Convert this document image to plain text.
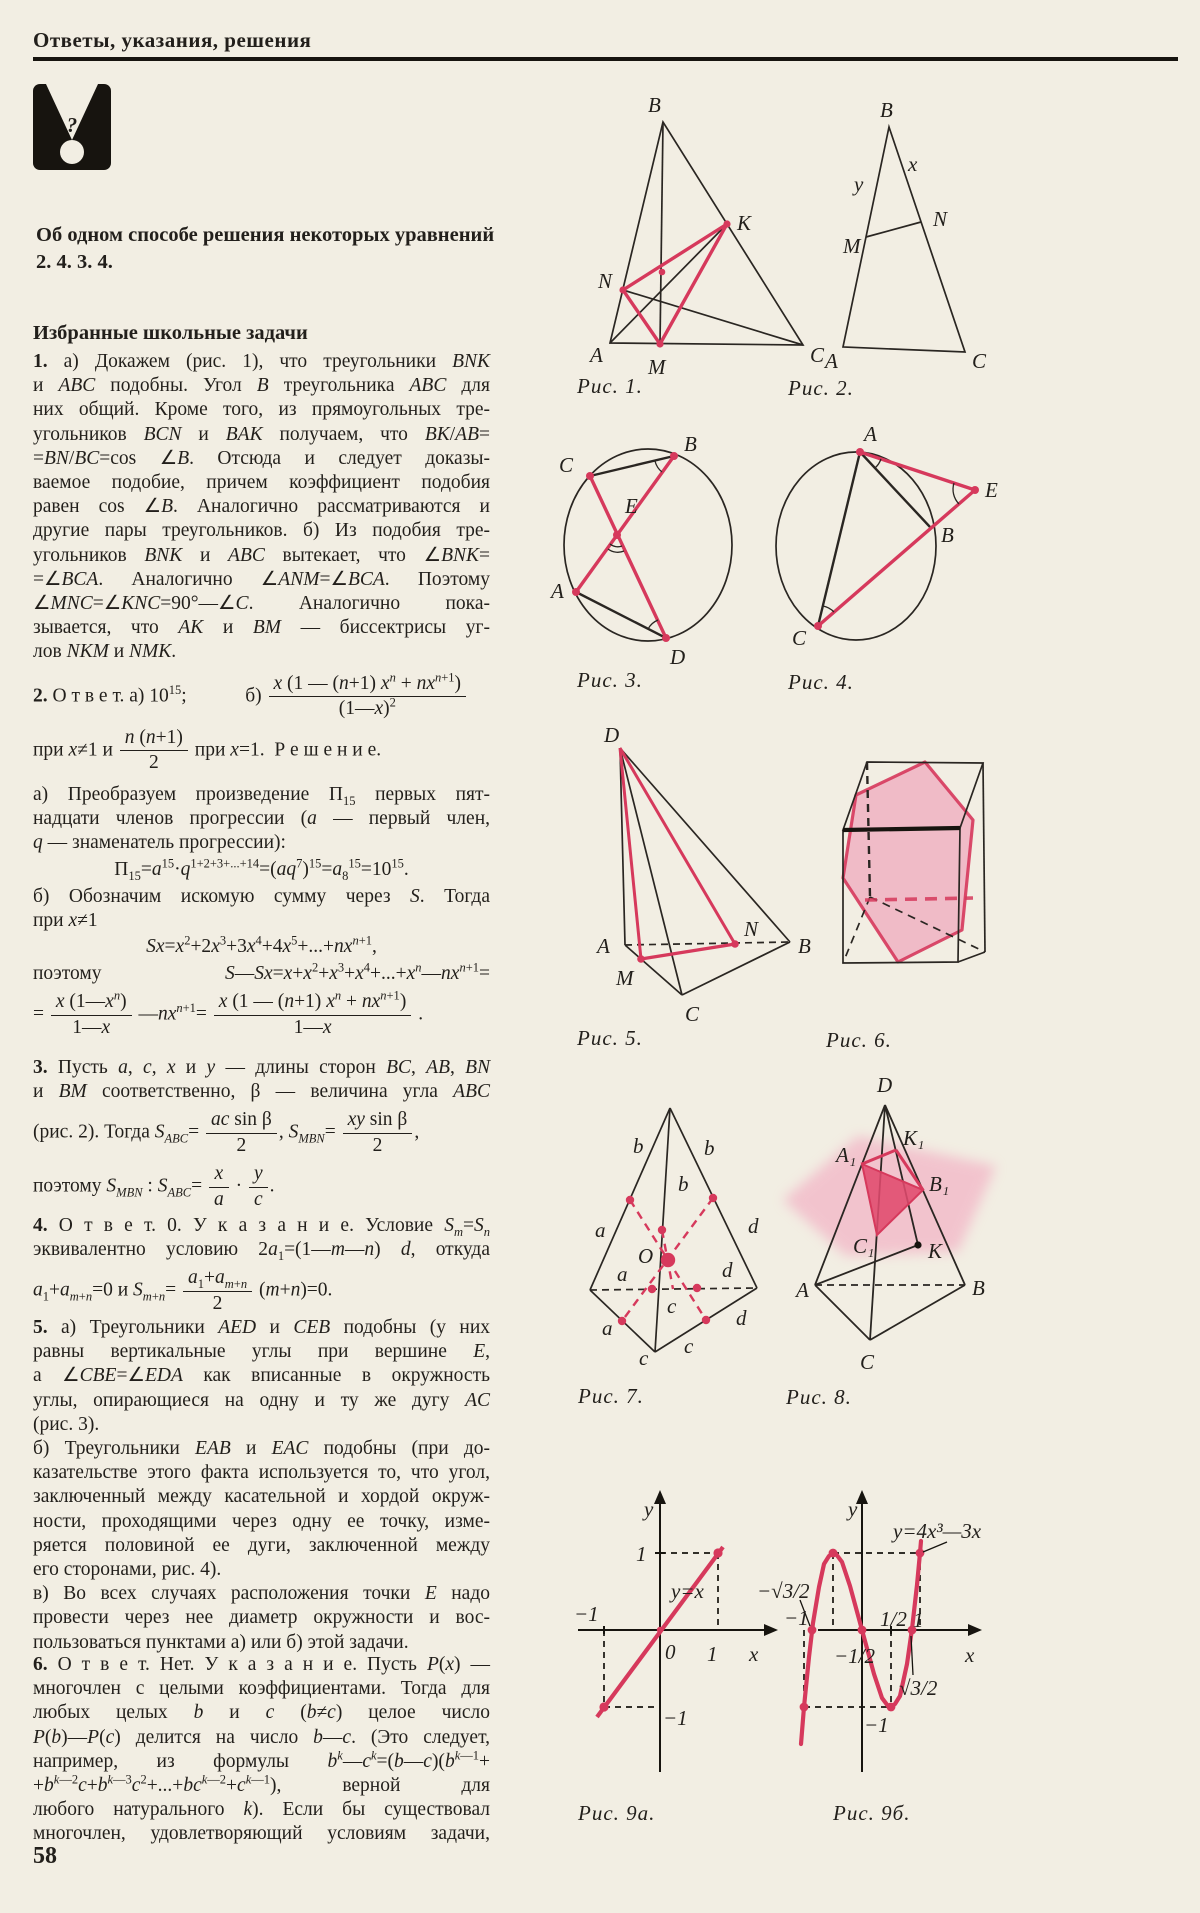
Ответы, указания, решения
?
B
K
N
A M	C
B
y
x
N
M
A	C
B
C
E
A
D
A
E
B
C
D
A
M
N
B
C
b	b
b
a	d
O
a	d
c
a	d
c c
D
K₁
A₁
B₁
C₁	K
A	B
C
y
x
1
−1
0 1
−1
y=x
y
x
y=4x³—3x
−√3/2
−1	1/2 1
−1/2
√3/2
−1
Об одном способе решения некоторых уравнений
2. 4. 3. 4.
Избранные школьные задачи
1. а) Докажем (рис. 1), что треугольники BNK
и ABC подобны. Угол B треугольника ABC для
них общий. Кроме того, из прямоугольных тре-
угольников BCN и BAK получаем, что BK/AB=
=BN/BC=cos ∠B. Отсюда и следует доказы-
ваемое подобие, причем коэффициент подобия
равен cos ∠B. Аналогично рассматриваются и
другие пары треугольников. б) Из подобия тре-
угольников BNK и ABC вытекает, что ∠BNK=
=∠BCA. Аналогично ∠ANM=∠BCA. Поэтому
∠MNC=∠KNC=90°—∠C. Аналогично пока-
зывается, что AK и BM — биссектрисы уг-
лов NKM и NMK.
2. О т в е т. а) $10^{15}$;   б)
x (1 — (n+1) $x^n + nx^{n+1}$)
(1—x)$^2$
при x≠1 и $\frac{n (n+1)}{2}$ при x=1. Р е ш е н и е.
а) Преобразуем произведение $П_{15}$ первых пят-
надцати членов прогрессии (a — первый член,
q — знаменатель прогрессии):
$П_{15}=a^{15}\cdot q^{1+2+3+...+14}=(aq^7)^{15}=a_8^{15}=10^{15}$.
б) Обозначим искомую сумму через S. Тогда
при x≠1
$Sx=x^2+2x^3+3x^4+4x^5+...+nx^{n+1}$,
поэтому $S—Sx=x+x^2+x^3+x^4+...+x^n—nx^{n+1}=$
= $\frac{x (1—x^n)}{1—x}$ $—nx^{n+1}=$
x (1 — (n+1) $x^n + nx^{n+1}$)
1—x
.
3. Пусть a, c, x и y — длины сторон BC, AB, BN
и BM соответственно, β — величина угла ABC
(рис. 2). Тогда $S_{ABC}= \frac{\text{ac sin β}}{2}$ , $S_{MBN}= \frac{\text{xy sin β}}{2}$ ,
поэтому $S_{MBN}$ : $S_{ABC}= \frac{x}{a} \cdot \frac{y}{c}$ .
4. О т в е т. 0. У к а з а н и е. Условие $S_m=S_n$
эквивалентно условию $2a_1=(1—m—n)$ d, откуда
$a_1+a_{m+n}=0$ и $S_{m+n}= \frac{a_1+a_{m+n}}{2} (m+n)=0$.
5. а) Треугольники AED и CEB подобны (у них
равны вертикальные углы при вершине E,
а ∠CBE=∠EDA как вписанные в окружность
углы, опирающиеся на одну и ту же дугу AC
(рис. 3).
б) Треугольники EAB и EAC подобны (при до-
казательстве этого факта используется то, что угол,
заключенный между касательной и хордой окруж-
ности, проходящими через одну ее точку, изме-
ряется половиной ее дуги, заключенной между
его сторонами, рис. 4).
в) Во всех случаях расположения точки E надо
провести через нее диаметр окружности и вос-
пользоваться пунктами а) или б) этой задачи.
6. О т в е т. Нет. У к а з а н и е. Пусть P(x) —
многочлен с целыми коэффициентами. Тогда для
любых целых b и c (b≠c) целое число
P(b)—P(c) делится на число b—c. (Это следует,
например, из формулы $b^k—c^k=(b—c)(b^{k—1}+$
$+b^{k—2}c+b^{k—3}c^2+...+bc^{k—2}+c^{k—1}$), верной для
любого натурального k). Если бы существовал
многочлен, удовлетворяющий условиям задачи,
Рис. 1.	Рис. 2.
Рис. 3.	Рис. 4.
Рис. 5.	Рис. 6.
Рис. 7.	Рис. 8.
Рис. 9а.	Рис. 9б.
58
